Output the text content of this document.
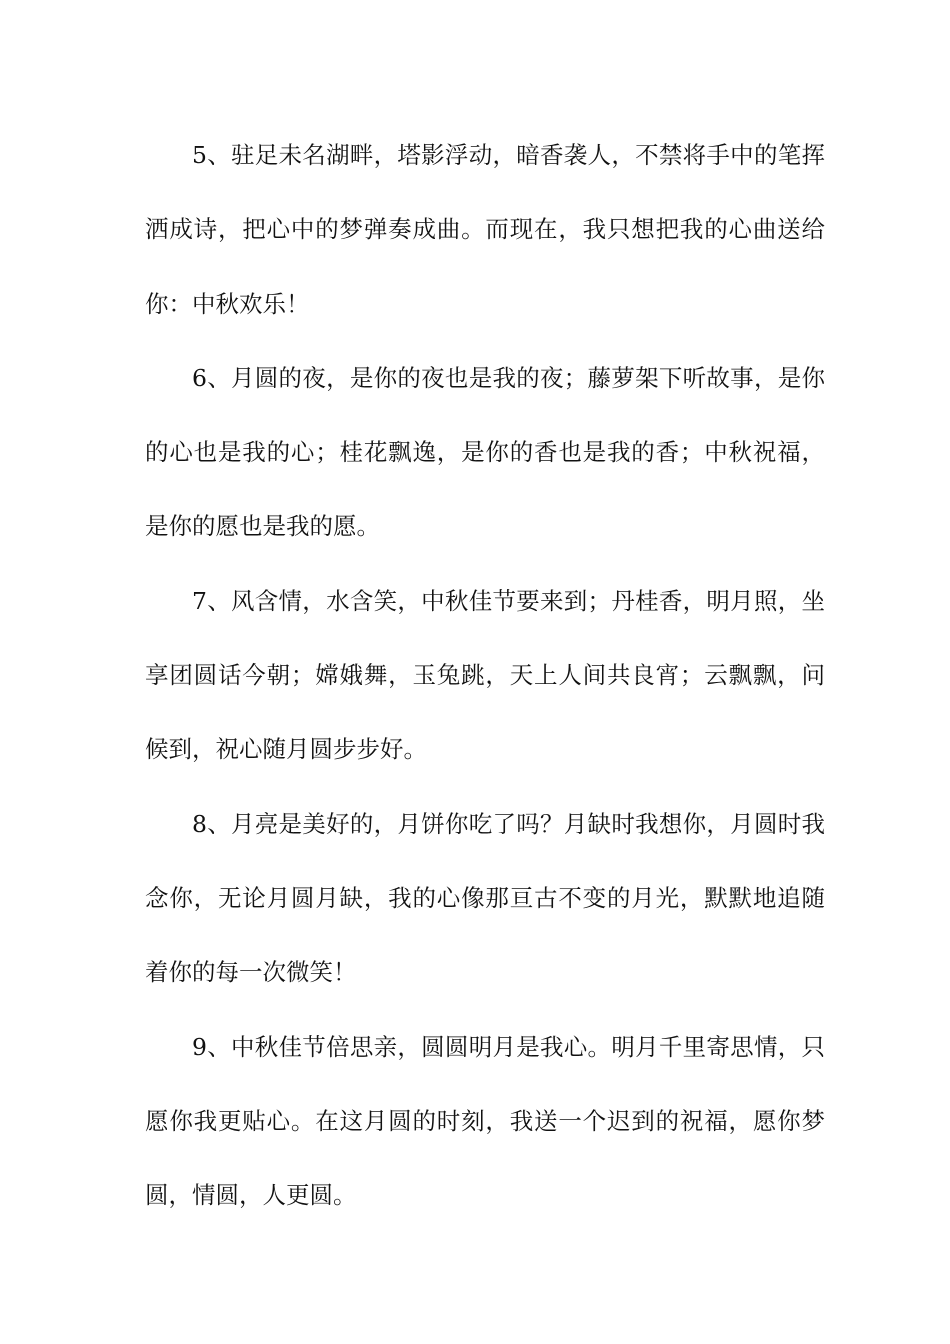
5、驻足未名湖畔，塔影浮动，暗香袭人，不禁将手中的笔挥洒成诗，把心中的梦弹奏成曲。而现在，我只想把我的心曲送给你：中秋欢乐！

6、月圆的夜，是你的夜也是我的夜；藤萝架下听故事，是你的心也是我的心；桂花飘逸，是你的香也是我的香；中秋祝福，是你的愿也是我的愿。

7、风含情，水含笑，中秋佳节要来到；丹桂香，明月照，坐享团圆话今朝；嫦娥舞，玉兔跳，天上人间共良宵；云飘飘，问候到，祝心随月圆步步好。

8、月亮是美好的，月饼你吃了吗？月缺时我想你，月圆时我念你，无论月圆月缺，我的心像那亘古不变的月光，默默地追随着你的每一次微笑！

9、中秋佳节倍思亲，圆圆明月是我心。明月千里寄思情，只愿你我更贴心。在这月圆的时刻，我送一个迟到的祝福，愿你梦圆，情圆，人更圆。
